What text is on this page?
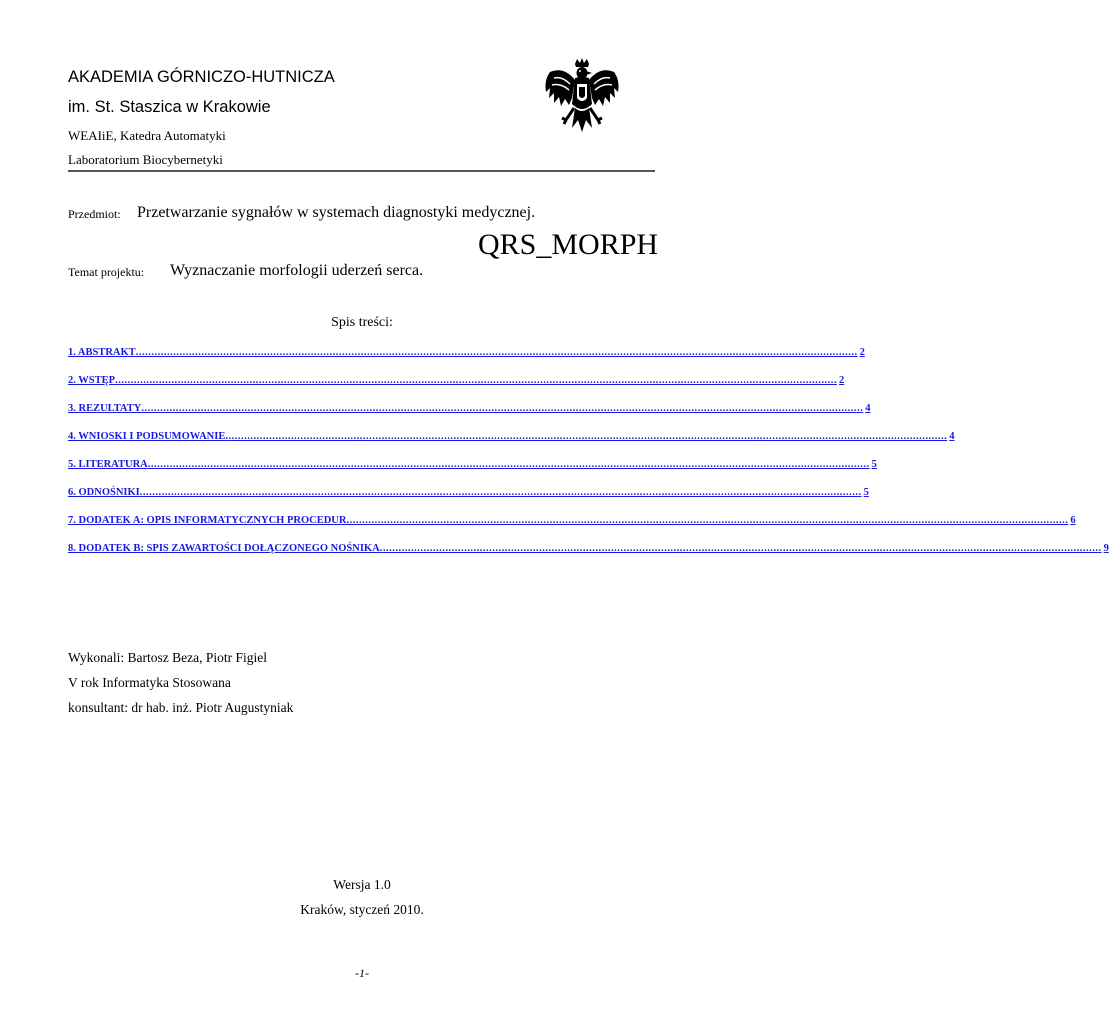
AKADEMIA GÓRNICZO-HUTNICZA
im. St. Staszica w Krakowie
WEAIiE, Katedra Automatyki
Laboratorium Biocybernetyki
Przedmiot: Przetwarzanie sygnałów w systemach diagnostyki medycznej.
QRS_MORPH
Temat projektu: Wyznaczanie morfologii uderzeń serca.
Spis treści:
1. ABSTRAKT ....................................................................................................................................................................................................................................... 2
2. WSTĘP ....................................................................................................................................................................................................................................... 2
3. REZULTATY ....................................................................................................................................................................................................................................... 4
4. WNIOSKI I PODSUMOWANIE ....................................................................................................................................................................................................................................... 4
5. LITERATURA ....................................................................................................................................................................................................................................... 5
6. ODNOŚNIKI ....................................................................................................................................................................................................................................... 5
7. DODATEK A: OPIS INFORMATYCZNYCH PROCEDUR ....................................................................................................................................................................................................................................... 6
8. DODATEK B: SPIS ZAWARTOŚCI DOŁĄCZONEGO NOŚNIKA ....................................................................................................................................................................................................................................... 9
Wykonali: Bartosz Beza, Piotr Figiel
V rok Informatyka Stosowana
konsultant: dr hab. inż. Piotr Augustyniak
Wersja 1.0
Kraków, styczeń 2010.
-1-
